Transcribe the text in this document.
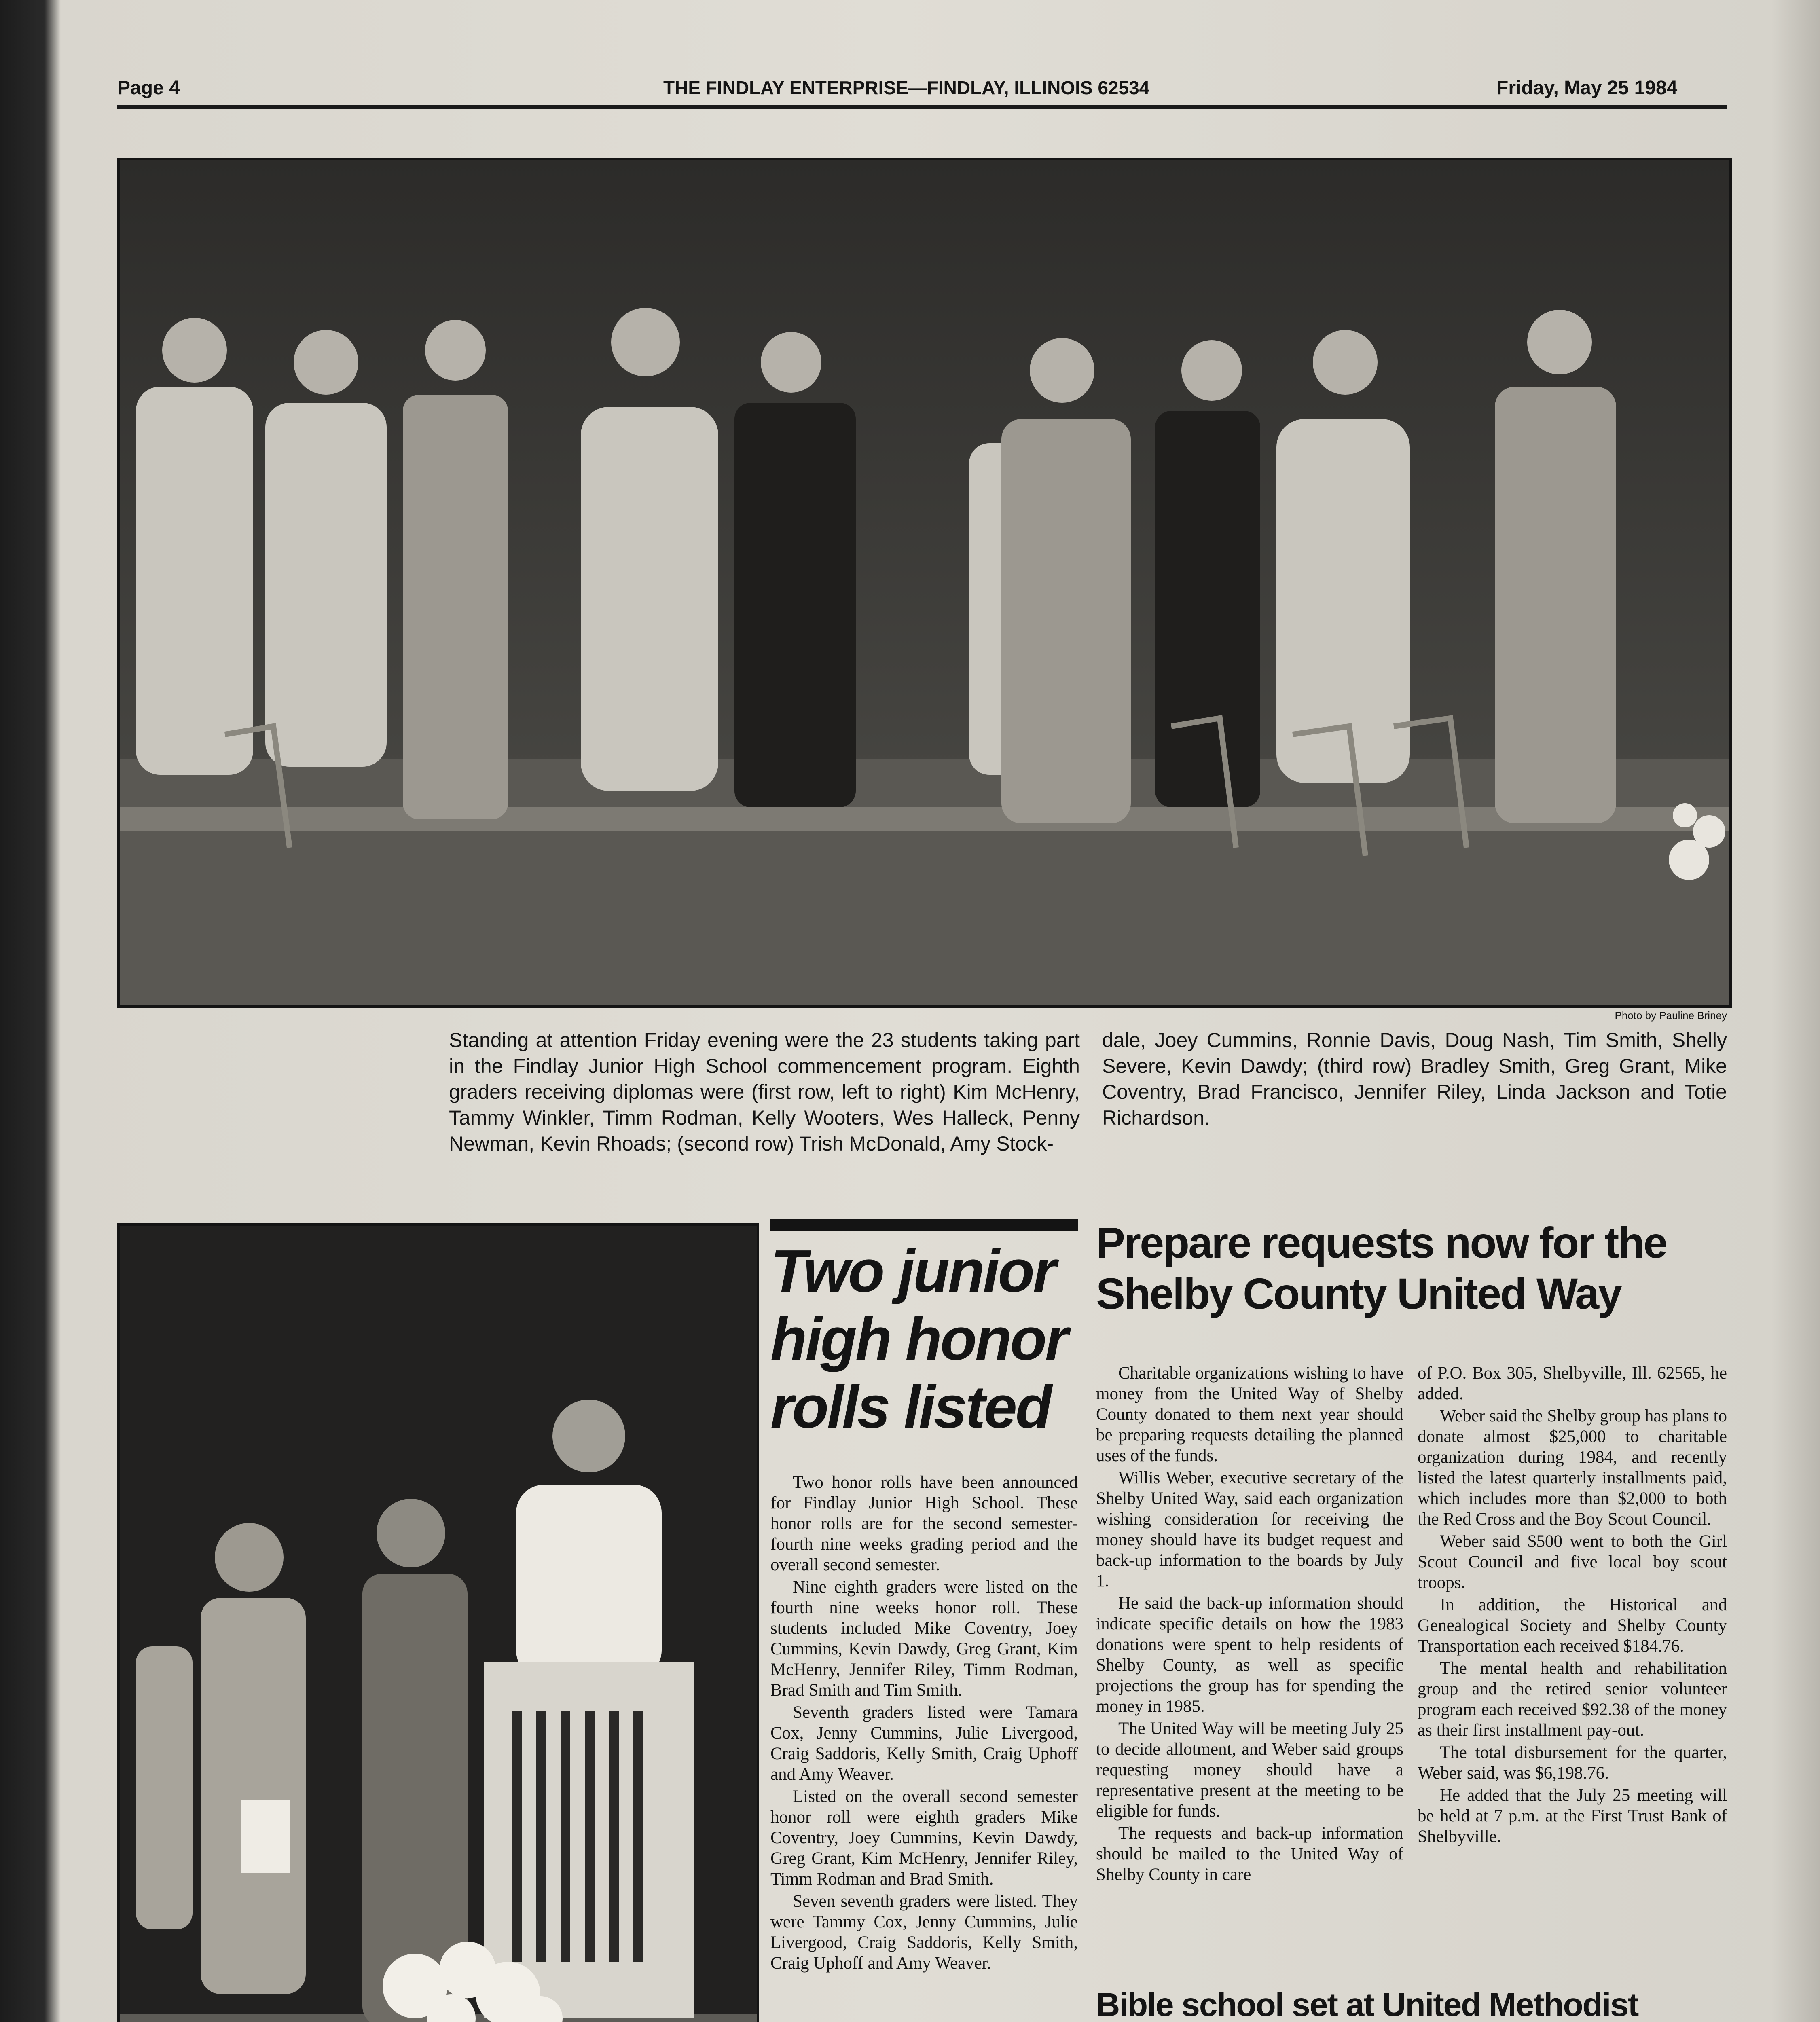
Page 4	THE FINDLAY ENTERPRISE—FINDLAY, ILLINOIS 62534	Friday, May 25 1984
Photo by Pauline Briney

Standing at attention Friday evening were the 23 students taking part in the Findlay Junior High School commencement program. Eighth graders receiving diplomas were (first row, left to right) Kim McHenry, Tammy Winkler, Timm Rodman, Kelly Wooters, Wes Halleck, Penny Newman, Kevin Rhoads; (second row) Trish McDonald, Amy Stock-

dale, Joey Cummins, Ronnie Davis, Doug Nash, Tim Smith, Shelly Severe, Kevin Dawdy; (third row) Bradley Smith, Greg Grant, Mike Coventry, Brad Francisco, Jennifer Riley, Linda Jackson and Totie Richardson.

Two junior high honor rolls listed

Two honor rolls have been announced for Findlay Junior High School. These honor rolls are for the second semester-fourth nine weeks grading period and the overall second semester.

Nine eighth graders were listed on the fourth nine weeks honor roll. These students included Mike Coventry, Joey Cummins, Kevin Dawdy, Greg Grant, Kim McHenry, Jennifer Riley, Timm Rodman, Brad Smith and Tim Smith.

Seventh graders listed were Tamara Cox, Jenny Cummins, Julie Livergood, Craig Saddoris, Kelly Smith, Craig Uphoff and Amy Weaver.

Listed on the overall second semester honor roll were eighth graders Mike Coventry, Joey Cummins, Kevin Dawdy, Greg Grant, Kim McHenry, Jennifer Riley, Timm Rodman and Brad Smith.

Seven seventh graders were listed. They were Tammy Cox, Jenny Cummins, Julie Livergood, Craig Saddoris, Kelly Smith, Craig Uphoff and Amy Weaver.

Prepare requests now for the Shelby County United Way

Charitable organizations wishing to have money from the United Way of Shelby County donated to them next year should be preparing requests detailing the planned uses of the funds.

Willis Weber, executive secretary of the Shelby United Way, said each organization wishing consideration for receiving the money should have its budget request and back-up information to the boards by July 1.

He said the back-up information should indicate specific details on how the 1983 donations were spent to help residents of Shelby County, as well as specific projections the group has for spending the money in 1985.

The United Way will be meeting July 25 to decide allotment, and Weber said groups requesting money should have a representative present at the meeting to be eligible for funds.

The requests and back-up information should be mailed to the United Way of Shelby County in care

of P.O. Box 305, Shelbyville, Ill. 62565, he added.

Weber said the Shelby group has plans to donate almost $25,000 to charitable organization during 1984, and recently listed the latest quarterly installments paid, which includes more than $2,000 to both the Red Cross and the Boy Scout Council.

Weber said $500 went to both the Girl Scout Council and five local boy scout troops.

In addition, the Historical and Genealogical Society and Shelby County Transportation each received $184.76.

The mental health and rehabilitation group and the retired senior volunteer program each received $92.38 of the money as their first installment pay-out.

The total disbursement for the quarter, Weber said, was $6,198.76.

He added that the July 25 meeting will be held at 7 p.m. at the First Trust Bank of Shelbyville.

Bible school set at United Methodist
